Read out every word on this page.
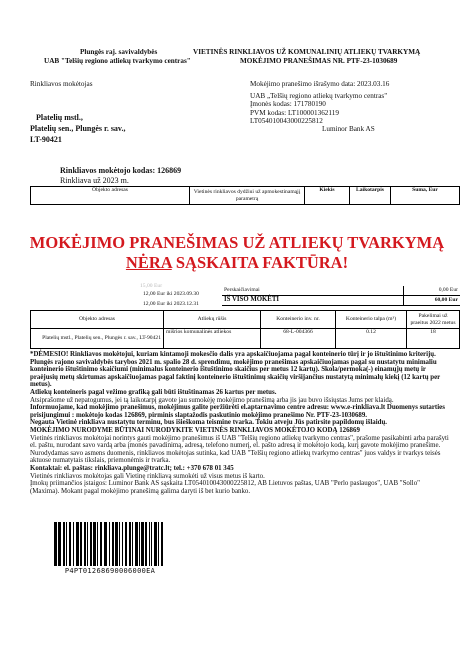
Plungės raj. savivaldybės
UAB "Telšių regiono atliekų tvarkymo centras"
VIETINĖS RINKLIAVOS UŽ KOMUNALINIŲ ATLIEKŲ TVARKYMĄ
MOKĖJIMO PRANEŠIMAS NR. PTF-23-1030689
Rinkliavos mokėtojas
Platelių mstl.,
Platelių sen., Plungės r. sav.,
LT-90421
Rinkliavos mokėtojo kodas: 126869
Rinkliava už 2023 m.
Mokėjimo pranešimo išrašymo data: 2023.03.16
UAB „Telšių regiono atliekų tvarkymo centras"
Įmonės kodas: 171780190
PVM kodas: LT100001362119
LT054010043000225812
Luminor Bank AS
Objekto adresas	Vietinės rinkliavos dydžiui už apmokestinamąjį parametrą	Kiekis	Laikotarpis	Suma, Eur
MOKĖJIMO PRANEŠIMAS UŽ ATLIEKŲ TVARKYMĄ
NĖRA SĄSKAITA FAKTŪRA!
15,00 Eur
12,00 Eur iki 2023.09.30
12,00 Eur iki 2023.12.31
Perskaičiavimai	0,00 Eur
IŠ VISO MOKĖTI	60,00 Eur
Objekto adresas	Atliekų rūšis	Konteinerio inv. nr.	Konteinerio talpa (m³)	Pakelimai už praeitus 2022 metus
Platelių mstl., Platelių sen., Plungės r. sav., LT-90421	mišrios komunalinės atliekos	68-L-004366	0.12	18
*DĖMESIO! Rinkliavos mokėtojui, kuriam kintamoji mokesčio dalis yra apskaičiuojama pagal konteinerio tūrį ir jo ištuštinimo kriterijų. Plungės rajono savivaldybės tarybos 2021 m. spalio 28 d. sprendimu, mokėjimo pranešimas apskaičiuojamas pagal su nustatytu minimaliu konteinerio ištuštinimo skaičiumi (minimalus konteinerio ištuštinimo skaičius per metus 12 kartų). Skola/permoka(-) einamųjų metų ir praėjusių metų skirtumas apskaičiuojamas pagal faktinį konteinerio ištuštinimų skaičių viršijančius nustatytą minimalų kiekį (12 kartų per metus).
Atliekų konteineris pagal vežimo grafiką gali būti ištuštinamas 26 kartus per metus.
Atsiprašome už nepatogumus, jei tą laikotarpį gavote jau sumokėję mokėjimo pranešimą arba jis jau buvo išsiųstas Jums per klaidą.
Informuojame, kad mokėjimo pranešimus, mokėjimus galite peržiūrėti el.aptarnavimo centre adresu: www.e-rinkliava.lt Duomenys sutarties prisijungimui : mokėtojo kodas 126869, pirminis slaptažodis paskutinio mokėjimo pranešimo Nr. PTF-23-1030689.
Negauta Vietinė rinkliava nustatytu terminu, bus išieškoma teismine tvarka. Tokiu atveju Jūs patirsite papildomų išlaidų.
MOKĖJIMO NURODYME BŪTINAI NURODYKITE VIETINĖS RINKLIAVOS MOKĖTOJO KODĄ 126869
Vietinės rinkliavos mokėtojai norintys gauti mokėjimo pranešimus iš UAB "Telšių regiono atliekų tvarkymo centras", prašome pasikabinti arba parašyti el. paštu, nurodant savo vardą arba įmonės pavadinimą, adresą, telefono numerį, el. pašto adresą ir mokėtojo kodą, kurį gavote mokėjimo pranešime. Nurodydamas savo asmens duomenis, rinkliavos mokėtojas sutinka, kad UAB "Telšių regiono atliekų tvarkymo centras" juos valdys ir tvarkys teisės aktuose numatytais tikslais, priemonėmis ir tvarka.
Kontaktai: el. paštas: rinkliava.plunge@tratc.lt; tel.: +370 678 01 345
Vietinės rinkliavos mokėtojas gali Vietinę rinkliavą sumokėti už visus metus iš karto.
Įmokų priimančios įstaigos: Luminor Bank AS sąskaita LT054010043000225812, AB Lietuvos paštas, UAB "Perlo paslaugos", UAB "Sollo" (Maxima). Mokant pagal mokėjimo pranešimą galima daryti iš bet kurio banko.
P4PT01268690006000EA
